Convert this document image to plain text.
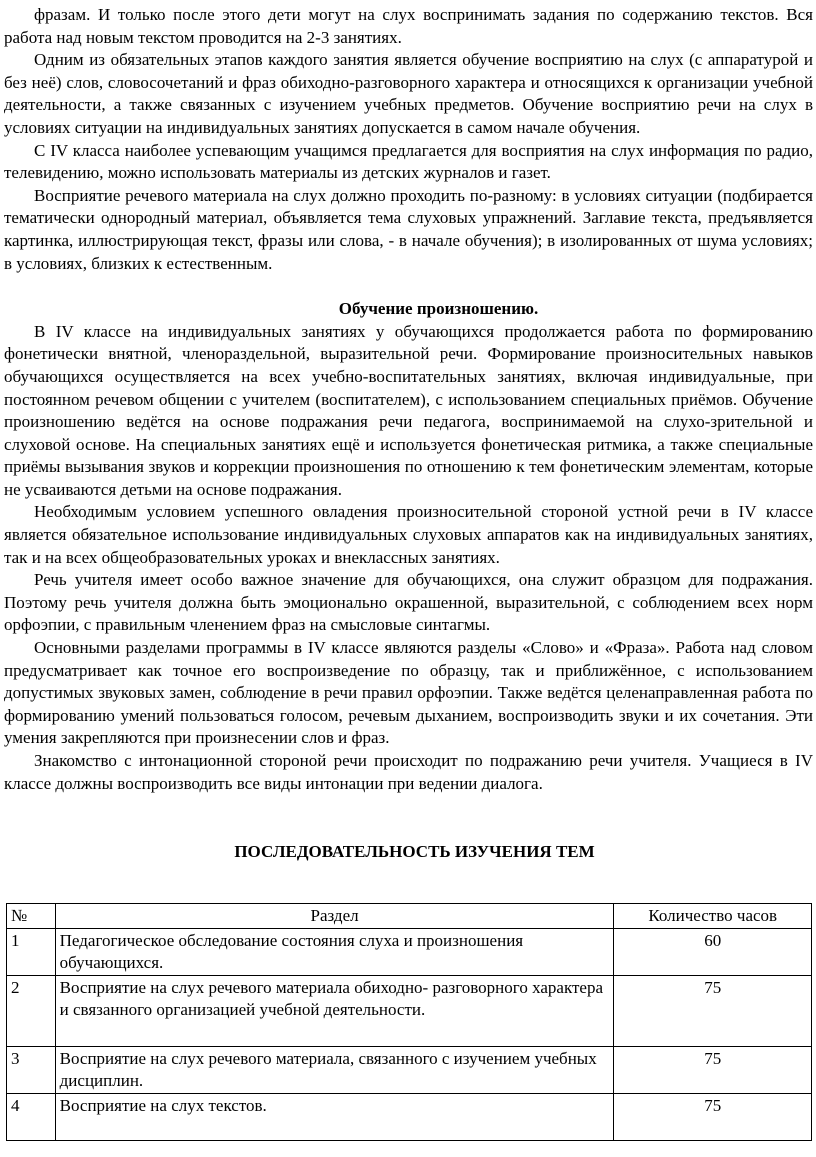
фразам. И только после этого дети могут на слух воспринимать задания по содержанию текстов. Вся работа над новым текстом проводится на 2-3 занятиях.

Одним из обязательных этапов каждого занятия является обучение восприятию на слух (с аппаратурой и без неё) слов, словосочетаний и фраз обиходно-разговорного характера и относящихся к организации учебной деятельности, а также связанных с изучением учебных предметов. Обучение восприятию речи на слух в условиях ситуации на индивидуальных занятиях допускается в самом начале обучения.

С IV класса наиболее успевающим учащимся предлагается для восприятия на слух информация по радио, телевидению, можно использовать материалы из детских журналов и газет.

Восприятие речевого материала на слух должно проходить по-разному: в условиях ситуации (подбирается тематически однородный материал, объявляется тема слуховых упражнений. Заглавие текста, предъявляется картинка, иллюстрирующая текст, фразы или слова, - в начале обучения); в изолированных от шума условиях; в условиях, близких к естественным.

Обучение произношению.

В IV классе на индивидуальных занятиях у обучающихся продолжается работа по формированию фонетически внятной, членораздельной, выразительной речи. Формирование произносительных навыков обучающихся осуществляется на всех учебно-воспитательных занятиях, включая индивидуальные, при постоянном речевом общении с учителем (воспитателем), с использованием специальных приёмов. Обучение произношению ведётся на основе подражания речи педагога, воспринимаемой на слухо-зрительной и слуховой основе. На специальных занятиях ещё и используется фонетическая ритмика, а также специальные приёмы вызывания звуков и коррекции произношения по отношению к тем фонетическим элементам, которые не усваиваются детьми на основе подражания.

Необходимым условием успешного овладения произносительной стороной устной речи в IV классе является обязательное использование индивидуальных слуховых аппаратов как на индивидуальных занятиях, так и на всех общеобразовательных уроках и внеклассных занятиях.

Речь учителя имеет особо важное значение для обучающихся, она служит образцом для подражания. Поэтому речь учителя должна быть эмоционально окрашенной, выразительной, с соблюдением всех норм орфоэпии, с правильным членением фраз на смысловые синтагмы.

Основными разделами программы в IV классе являются разделы «Слово» и «Фраза». Работа над словом предусматривает как точное его воспроизведение по образцу, так и приближённое, с использованием допустимых звуковых замен, соблюдение в речи правил орфоэпии. Также ведётся целенаправленная работа по формированию умений пользоваться голосом, речевым дыханием, воспроизводить звуки и их сочетания. Эти умения закрепляются при произнесении слов и фраз.

Знакомство с интонационной стороной речи происходит по подражанию речи учителя. Учащиеся в IV классе должны воспроизводить все виды интонации при ведении диалога.

ПОСЛЕДОВАТЕЛЬНОСТЬ ИЗУЧЕНИЯ ТЕМ
№	Раздел	Количество часов
1	Педагогическое обследование состояния слуха и произношения обучающихся.	60
2	Восприятие на слух речевого материала обиходно- разговорного характера и связанного организацией учебной деятельности.	75
3	Восприятие на слух речевого материала, связанного с изучением учебных дисциплин.	75
4	Восприятие на слух текстов.	75
